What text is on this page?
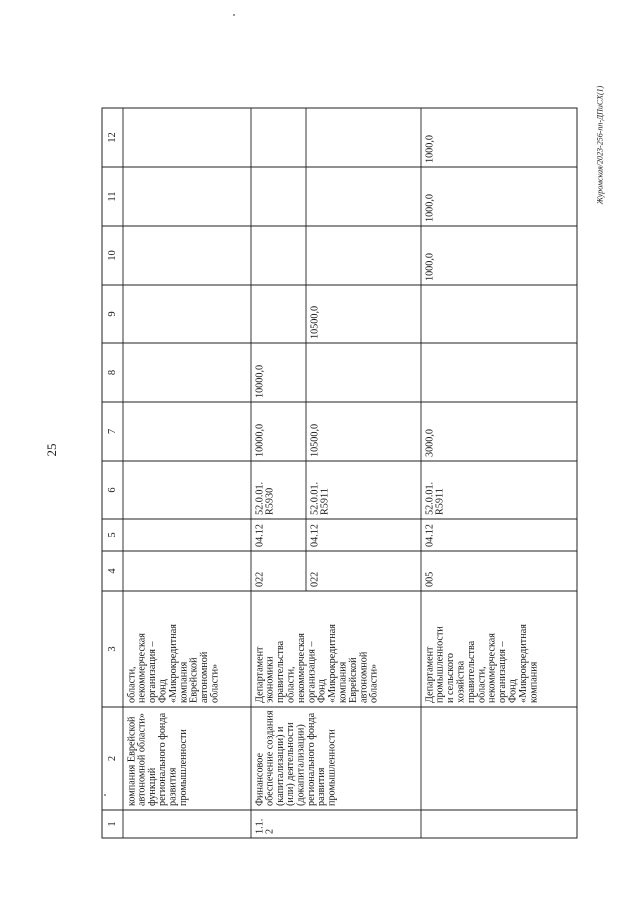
25
Журомская/2023-256-пп-ДПиСХ(1)
1
2
3
4
5
6
7
8
9
10
11
12
компания Еврейской автономной области» функций регионального фонда развития промышленности
области, некоммерческая организация – Фонд «Микрокредитная компания Еврейской автономной области»
1.1. 2
Финансовое обеспечение создания (капитализации) и (или) деятельности (докапитализации) регионального фонда развития промышленности
Департамент экономики правительства области, некоммерческая организация – Фонд «Микрокредитная компания Еврейской автономной области»
022
04.12
52.0.01. R5930
10000,0
10000,0
022
04.12
52.0.01. R5911
10500,0
10500,0
Департамент промышленности и сельского хозяйства правительства области, некоммерческая организация – Фонд «Микрокредитная компания
005
04.12
52.0.01. R5911
3000,0
1000,0
1000,0
1000,0
